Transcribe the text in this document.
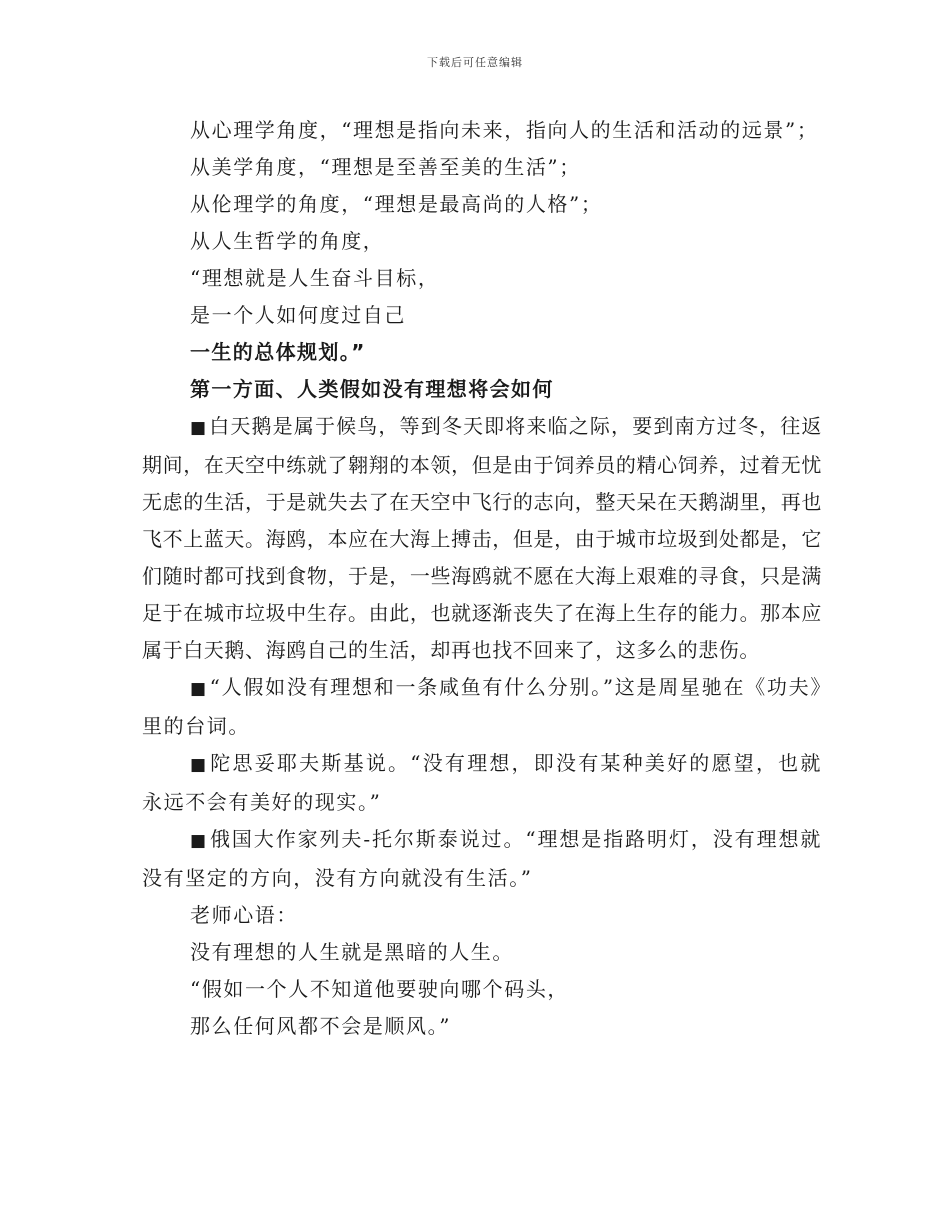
下载后可任意编辑

从心理学角度，“理想是指向未来，指向人的生活和活动的远景”；

从美学角度，“理想是至善至美的生活”；

从伦理学的角度，“理想是最高尚的人格”；

从人生哲学的角度，

“理想就是人生奋斗目标，

是一个人如何度过自己

一生的总体规划。”

第一方面、人类假如没有理想将会如何

■ 白天鹅是属于候鸟，等到冬天即将来临之际，要到南方过冬，往返期间，在天空中练就了翱翔的本领，但是由于饲养员的精心饲养，过着无忧无虑的生活，于是就失去了在天空中飞行的志向，整天呆在天鹅湖里，再也飞不上蓝天。海鸥，本应在大海上搏击，但是，由于城市垃圾到处都是，它们随时都可找到食物，于是，一些海鸥就不愿在大海上艰难的寻食，只是满足于在城市垃圾中生存。由此，也就逐渐丧失了在海上生存的能力。那本应属于白天鹅、海鸥自己的生活，却再也找不回来了，这多么的悲伤。

■ “人假如没有理想和一条咸鱼有什么分别。”这是周星驰在《功夫》里的台词。

■ 陀思妥耶夫斯基说。“没有理想，即没有某种美好的愿望，也就永远不会有美好的现实。”

■ 俄国大作家列夫-托尔斯泰说过。“理想是指路明灯，没有理想就没有坚定的方向，没有方向就没有生活。”

老师心语：

没有理想的人生就是黑暗的人生。

“假如一个人不知道他要驶向哪个码头，

那么任何风都不会是顺风。”
